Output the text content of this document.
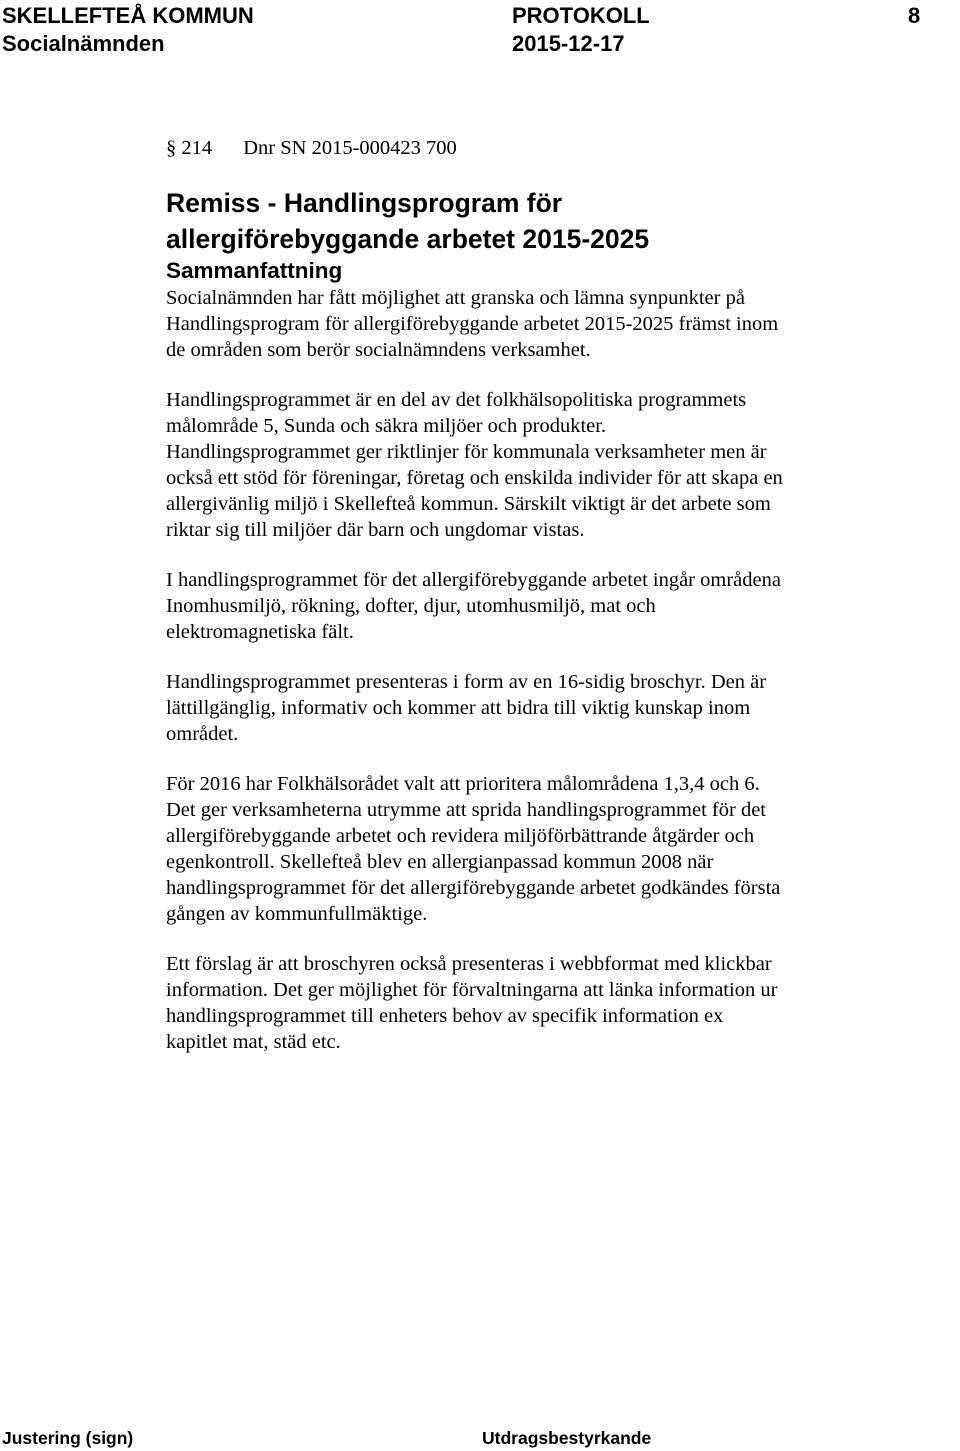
SKELLEFTEÅ KOMMUN	PROTOKOLL	8
Socialnämnden	2015-12-17
§ 214 Dnr SN 2015-000423 700
Remiss - Handlingsprogram för
allergiförebyggande arbetet 2015-2025
Sammanfattning

Socialnämnden har fått möjlighet att granska och lämna synpunkter på
Handlingsprogram för allergiförebyggande arbetet 2015-2025 främst inom
de områden som berör socialnämndens verksamhet.

Handlingsprogrammet är en del av det folkhälsopolitiska programmets
målområde 5, Sunda och säkra miljöer och produkter.
Handlingsprogrammet ger riktlinjer för kommunala verksamheter men är
också ett stöd för föreningar, företag och enskilda individer för att skapa en
allergivänlig miljö i Skellefteå kommun. Särskilt viktigt är det arbete som
riktar sig till miljöer där barn och ungdomar vistas.

I handlingsprogrammet för det allergiförebyggande arbetet ingår områdena
Inomhusmiljö, rökning, dofter, djur, utomhusmiljö, mat och
elektromagnetiska fält.

Handlingsprogrammet presenteras i form av en 16-sidig broschyr. Den är
lättillgänglig, informativ och kommer att bidra till viktig kunskap inom
området.

För 2016 har Folkhälsorådet valt att prioritera målområdena 1,3,4 och 6.
Det ger verksamheterna utrymme att sprida handlingsprogrammet för det
allergiförebyggande arbetet och revidera miljöförbättrande åtgärder och
egenkontroll. Skellefteå blev en allergianpassad kommun 2008 när
handlingsprogrammet för det allergiförebyggande arbetet godkändes första
gången av kommunfullmäktige.

Ett förslag är att broschyren också presenteras i webbformat med klickbar
information. Det ger möjlighet för förvaltningarna att länka information ur
handlingsprogrammet till enheters behov av specifik information ex
kapitlet mat, städ etc.

Justering (sign)	Utdragsbestyrkande
